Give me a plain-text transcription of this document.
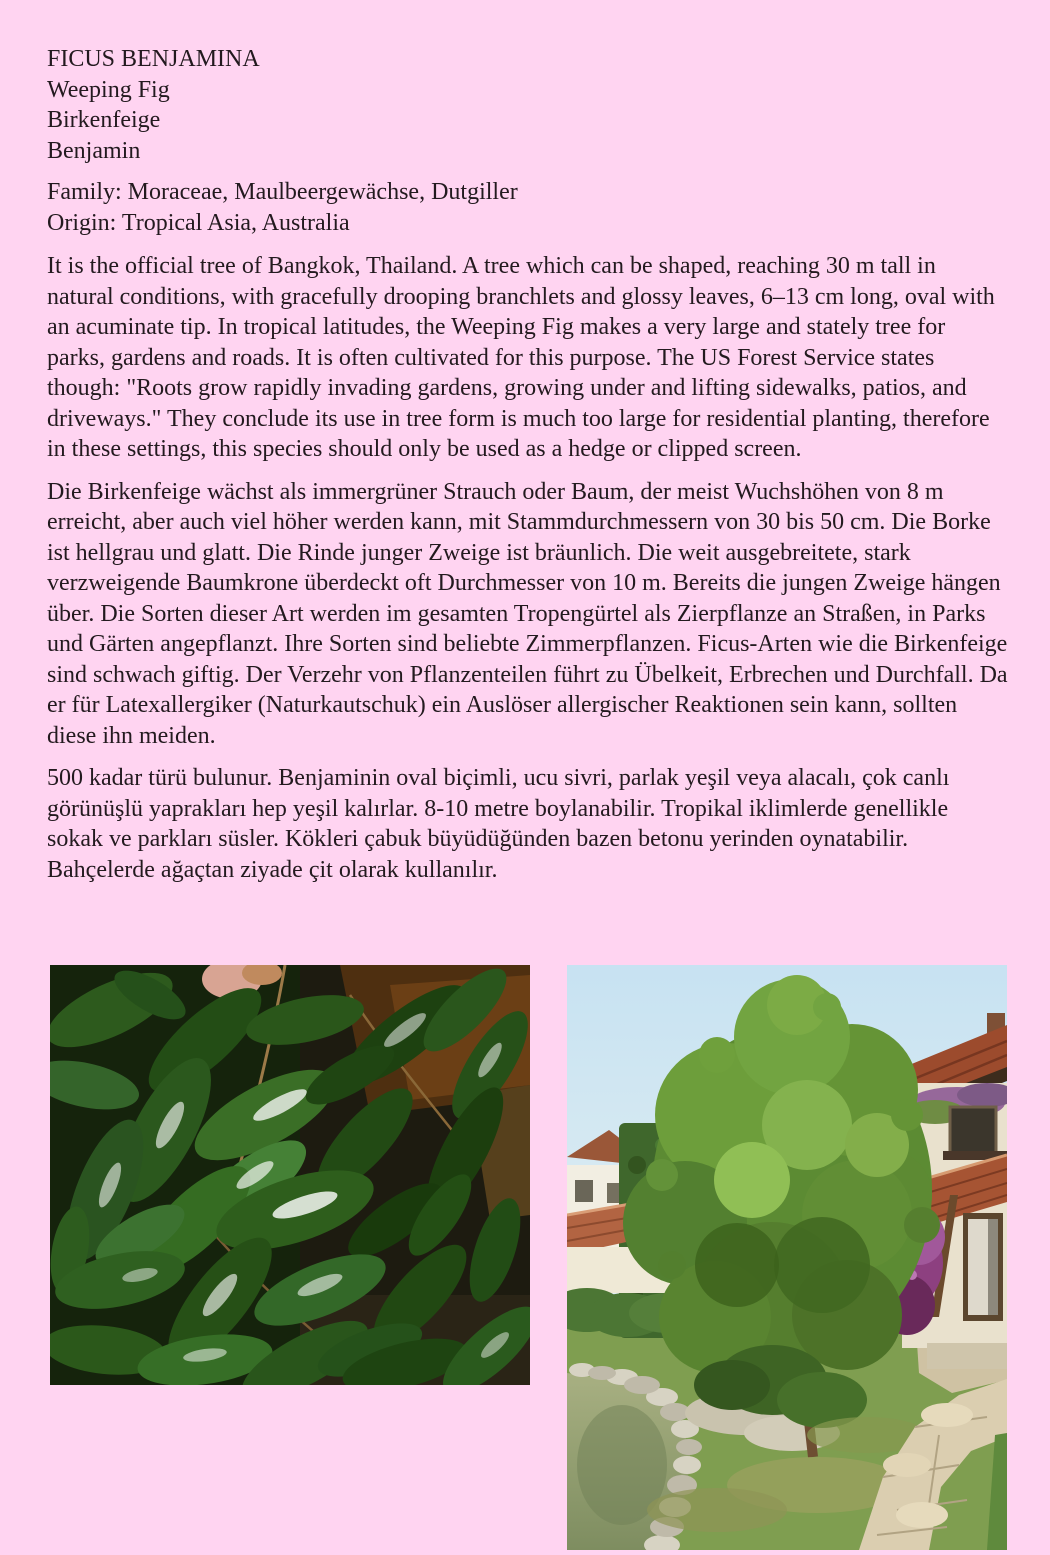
FICUS BENJAMINA
Weeping Fig
Birkenfeige
Benjamin
Family: Moraceae, Maulbeergewächse, Dutgiller
Origin: Tropical Asia, Australia

It is the official tree of Bangkok, Thailand. A tree which can be shaped, reaching 30 m tall in natural conditions, with gracefully drooping branchlets and glossy leaves, 6–13 cm long, oval with an acuminate tip. In tropical latitudes, the Weeping Fig makes a very large and stately tree for parks, gardens and roads. It is often cultivated for this purpose. The US Forest Service states though: "Roots grow rapidly invading gardens, growing under and lifting sidewalks, patios, and driveways." They conclude its use in tree form is much too large for residential planting, therefore in these settings, this species should only be used as a hedge or clipped screen.

Die Birkenfeige wächst als immergrüner Strauch oder Baum, der meist Wuchshöhen von 8 m erreicht, aber auch viel höher werden kann, mit Stammdurchmessern von 30 bis 50 cm. Die Borke ist hellgrau und glatt. Die Rinde junger Zweige ist bräunlich. Die weit ausgebreitete, stark verzweigende Baumkrone überdeckt oft Durchmesser von 10 m. Bereits die jungen Zweige hängen über. Die Sorten dieser Art werden im gesamten Tropengürtel als Zierpflanze an Straßen, in Parks und Gärten angepflanzt. Ihre Sorten sind beliebte Zimmerpflanzen. Ficus-Arten wie die Birkenfeige sind schwach giftig. Der Verzehr von Pflanzenteilen führt zu Übelkeit, Erbrechen und Durchfall. Da er für Latexallergiker (Naturkautschuk) ein Auslöser allergischer Reaktionen sein kann, sollten diese ihn meiden.

500 kadar türü bulunur. Benjaminin oval biçimli, ucu sivri, parlak yeşil veya alacalı, çok canlı görünüşlü yaprakları hep yeşil kalırlar. 8-10 metre boylanabilir. Tropikal iklimlerde genellikle sokak ve parkları süsler. Kökleri çabuk büyüdüğünden bazen betonu yerinden oynatabilir. Bahçelerde ağaçtan ziyade çit olarak kullanılır.
